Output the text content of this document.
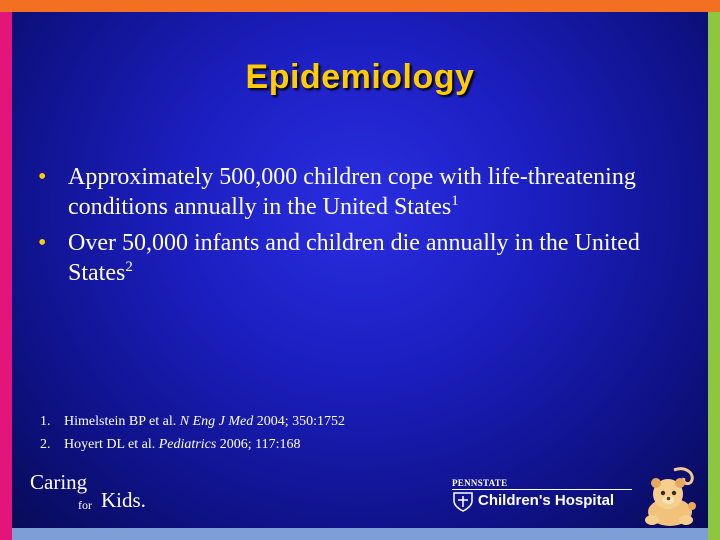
Epidemiology
• Approximately 500,000 children cope with life-threatening conditions annually in the United States$^1$
• Over 50,000 infants and children die annually in the United States$^2$
1. Himelstein BP et al. N Eng J Med 2004; 350:1752
2. Hoyert DL et al. Pediatrics 2006; 117:168
Caring
for Kids.
PENNSTATE
Children's Hospital
